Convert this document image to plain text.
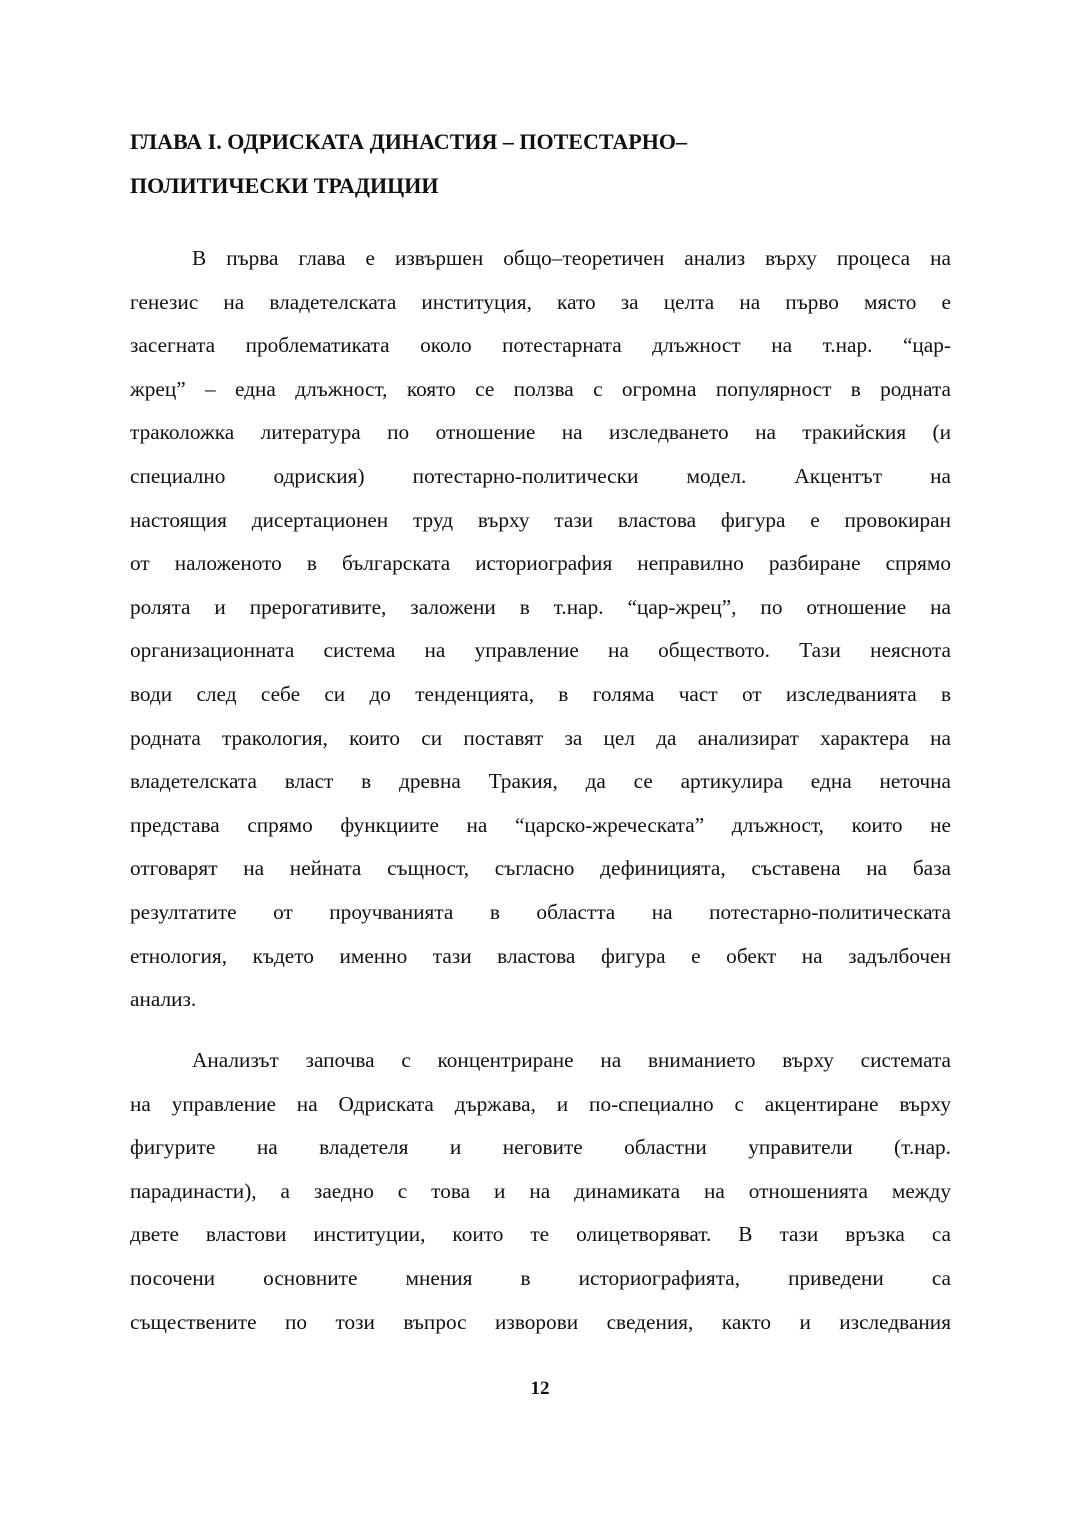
ГЛАВА I. ОДРИСКАТА ДИНАСТИЯ – ПОТЕСТАРНО–
ПОЛИТИЧЕСКИ ТРАДИЦИИ
В първа глава е извършен общо–теоретичен анализ върху процеса на
генезис на владетелската институция, като за целта на първо място е
засегната проблематиката около потестарната длъжност на т.нар. “цар-
жрец” – една длъжност, която се ползва с огромна популярност в родната
траколожка литература по отношение на изследването на тракийския (и
специално одриския) потестарно-политически модел. Акцентът на
настоящия дисертационен труд върху тази властова фигура е провокиран
от наложеното в българската историография неправилно разбиране спрямо
ролята и прерогативите, заложени в т.нар. “цар-жрец”, по отношение на
организационната система на управление на обществото. Тази неяснота
води след себе си до тенденцията, в голяма част от изследванията в
родната тракология, които си поставят за цел да анализират характера на
владетелската власт в древна Тракия, да се артикулира една неточна
представа спрямо функциите на “царско-жреческата” длъжност, които не
отговарят на нейната същност, съгласно дефиницията, съставена на база
резултатите от проучванията в областта на потестарно-политическата
етнология, където именно тази властова фигура е обект на задълбочен
анализ.
Анализът започва с концентриране на вниманието върху системата
на управление на Одриската държава, и по-специално с акцентиране върху
фигурите на владетеля и неговите областни управители (т.нар.
парадинасти), а заедно с това и на динамиката на отношенията между
двете властови институции, които те олицетворяват. В тази връзка са
посочени основните мнения в историографията, приведени са
съществените по този въпрос изворови сведения, както и изследвания
12
